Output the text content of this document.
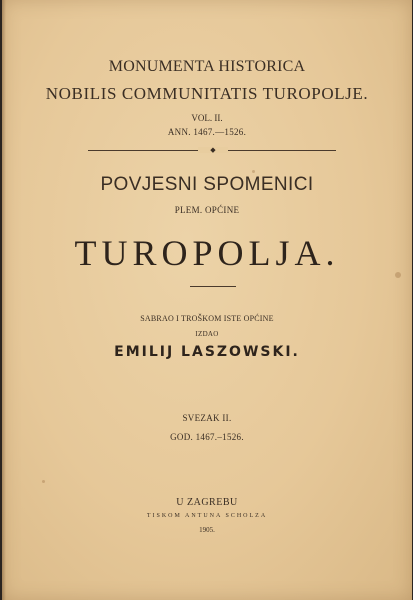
MONUMENTA HISTORICA
NOBILIS COMMUNITATIS TUROPOLJE.
VOL. II.
ANN. 1467.—1526.
◆
POVJESNI SPOMENICI
PLEM. OPĆINE
TUROPOLJA.
SABRAO I TROŠKOM ISTE OPĆINE
IZDAO
EMILIJ LASZOWSKI.
SVEZAK II.
GOD. 1467.–1526.
U ZAGREBU
TISKOM ANTUNA SCHOLZA
1905.
